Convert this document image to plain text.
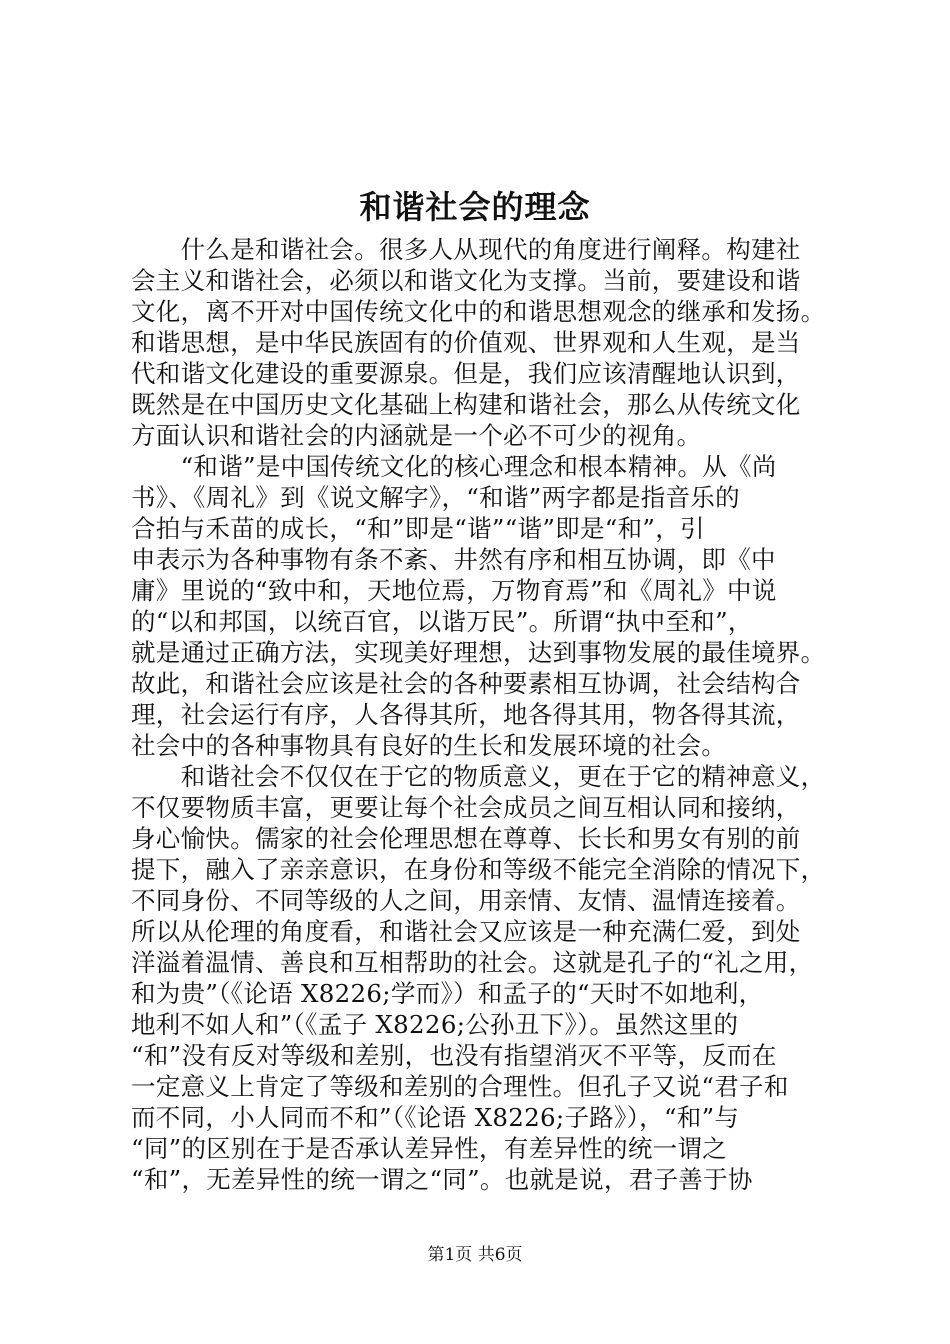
和谐社会的理念
　　什么是和谐社会。很多人从现代的角度进行阐释。构建社
会主义和谐社会，必须以和谐文化为支撑。当前，要建设和谐
文化，离不开对中国传统文化中的和谐思想观念的继承和发扬。
和谐思想，是中华民族固有的价值观、世界观和人生观，是当
代和谐文化建设的重要源泉。但是，我们应该清醒地认识到，
既然是在中国历史文化基础上构建和谐社会，那么从传统文化
方面认识和谐社会的内涵就是一个必不可少的视角。
　　“和谐”是中国传统文化的核心理念和根本精神。从《尚
书》、《周礼》到《说文解字》，“和谐”两字都是指音乐的
合拍与禾苗的成长，“和”即是“谐”“谐”即是“和”，引
申表示为各种事物有条不紊、井然有序和相互协调，即《中
庸》里说的“致中和，天地位焉，万物育焉”和《周礼》中说
的“以和邦国，以统百官，以谐万民”。所谓“执中至和”，
就是通过正确方法，实现美好理想，达到事物发展的最佳境界。
故此，和谐社会应该是社会的各种要素相互协调，社会结构合
理，社会运行有序，人各得其所，地各得其用，物各得其流，
社会中的各种事物具有良好的生长和发展环境的社会。
　　和谐社会不仅仅在于它的物质意义，更在于它的精神意义，
不仅要物质丰富，更要让每个社会成员之间互相认同和接纳，
身心愉快。儒家的社会伦理思想在尊尊、长长和男女有别的前
提下，融入了亲亲意识，在身份和等级不能完全消除的情况下，
不同身份、不同等级的人之间，用亲情、友情、温情连接着。
所以从伦理的角度看，和谐社会又应该是一种充满仁爱，到处
洋溢着温情、善良和互相帮助的社会。这就是孔子的“礼之用，
和为贵”（《论语 X8226;学而》）和孟子的“天时不如地利，
地利不如人和”（《孟子 X8226;公孙丑下》）。虽然这里的
“和”没有反对等级和差别，也没有指望消灭不平等，反而在
一定意义上肯定了等级和差别的合理性。但孔子又说“君子和
而不同，小人同而不和”（《论语 X8226;子路》），“和”与
“同”的区别在于是否承认差异性，有差异性的统一谓之
“和”，无差异性的统一谓之“同”。也就是说，君子善于协
第1页 共6页
